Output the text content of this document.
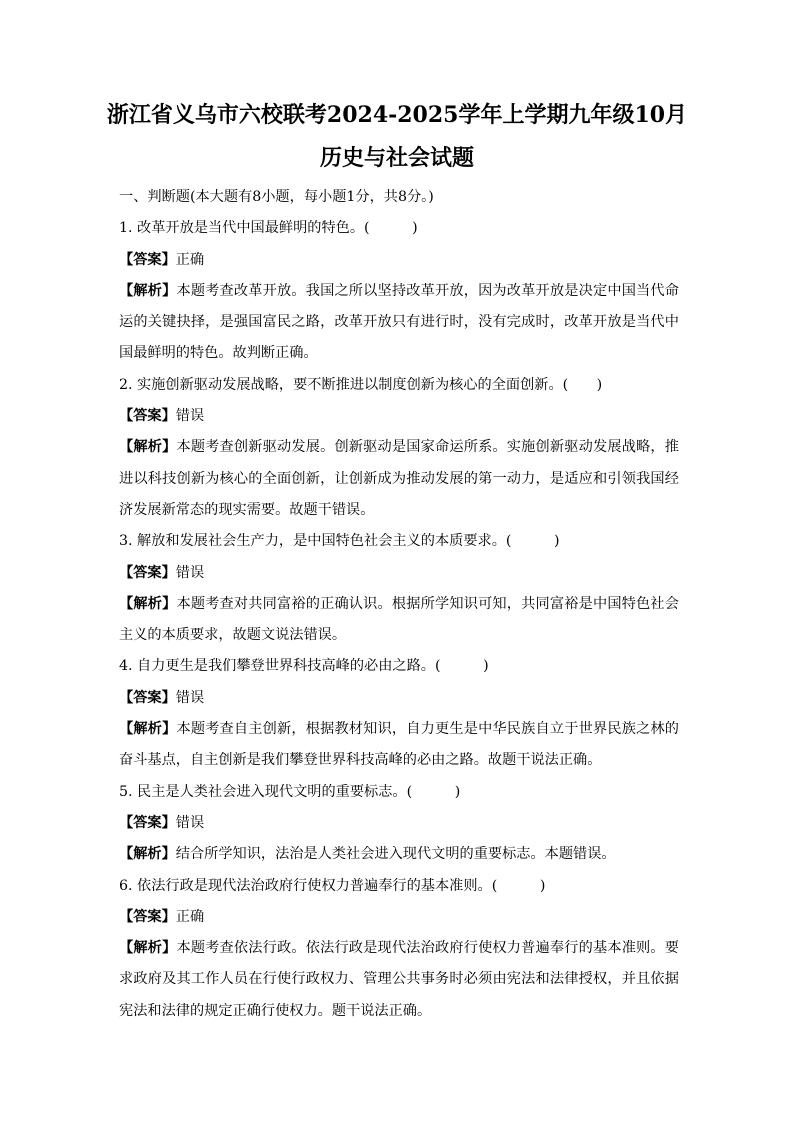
浙江省义乌市六校联考2024-2025学年上学期九年级10月
历史与社会试题

一、判断题(本大题有8小题，每小题1分，共8分。)

1. 改革开放是当代中国最鲜明的特色。(　　　)

【答案】正确

【解析】本题考查改革开放。我国之所以坚持改革开放，因为改革开放是决定中国当代命运的关键抉择，是强国富民之路，改革开放只有进行时，没有完成时，改革开放是当代中国最鲜明的特色。故判断正确。

2. 实施创新驱动发展战略，要不断推进以制度创新为核心的全面创新。(　　)

【答案】错误

【解析】本题考查创新驱动发展。创新驱动是国家命运所系。实施创新驱动发展战略，推进以科技创新为核心的全面创新，让创新成为推动发展的第一动力，是适应和引领我国经济发展新常态的现实需要。故题干错误。

3. 解放和发展社会生产力，是中国特色社会主义的本质要求。(　　　)

【答案】错误

【解析】本题考查对共同富裕的正确认识。根据所学知识可知，共同富裕是中国特色社会主义的本质要求，故题文说法错误。

4. 自力更生是我们攀登世界科技高峰的必由之路。(　　　)

【答案】错误

【解析】本题考查自主创新，根据教材知识，自力更生是中华民族自立于世界民族之林的奋斗基点，自主创新是我们攀登世界科技高峰的必由之路。故题干说法正确。

5. 民主是人类社会进入现代文明的重要标志。(　　　)

【答案】错误

【解析】结合所学知识，法治是人类社会进入现代文明的重要标志。本题错误。

6. 依法行政是现代法治政府行使权力普遍奉行的基本准则。(　　　)

【答案】正确

【解析】本题考查依法行政。依法行政是现代法治政府行使权力普遍奉行的基本准则。要求政府及其工作人员在行使行政权力、管理公共事务时必须由宪法和法律授权，并且依据宪法和法律的规定正确行使权力。题干说法正确。
